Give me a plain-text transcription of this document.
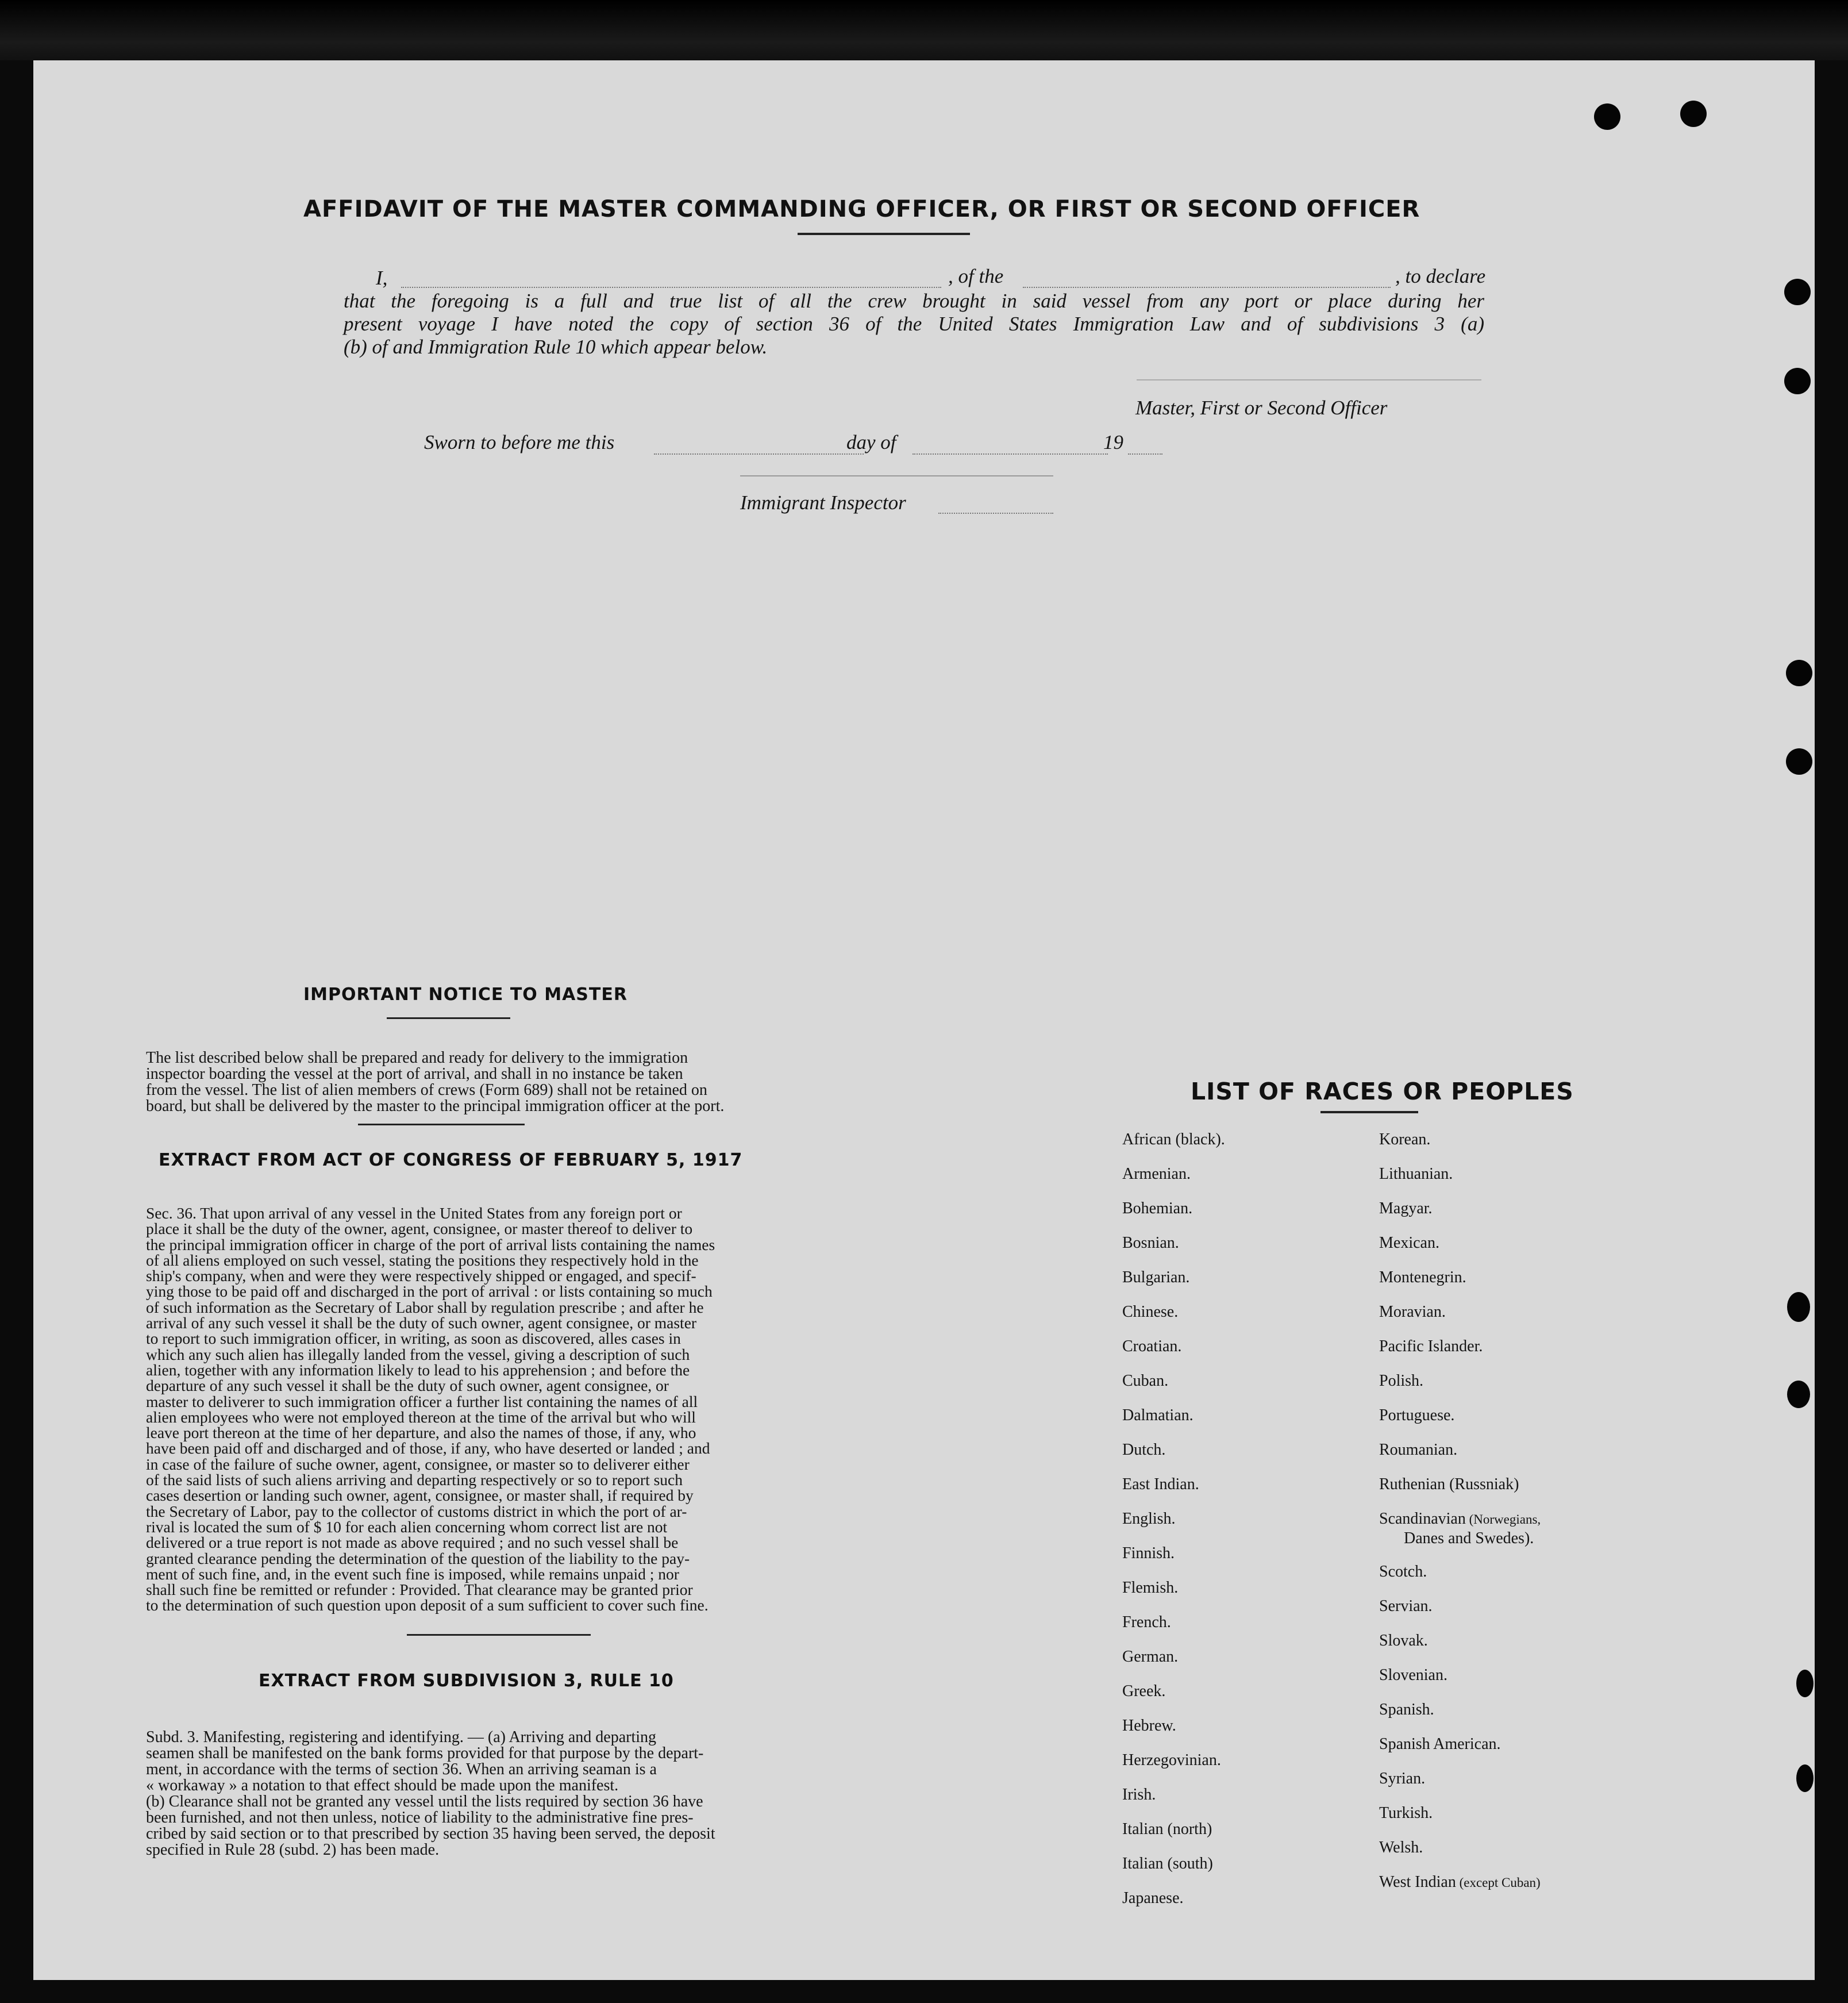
AFFIDAVIT OF THE MASTER COMMANDING OFFICER, OR FIRST OR SECOND OFFICER
I,	, of the	, to declare
that the foregoing is a full and true list of all the crew brought in said vessel from any port or place during her
present voyage I have noted the copy of section 36 of the United States Immigration Law and of subdivisions 3 (a)
(b) of and Immigration Rule 10 which appear below.
Master, First or Second Officer
Sworn to before me this	day of	19
Immigrant Inspector
IMPORTANT NOTICE TO MASTER

The list described below shall be prepared and ready for delivery to the immigration

inspector boarding the vessel at the port of arrival, and shall in no instance be taken

from the vessel. The list of alien members of crews (Form 689) shall not be retained on

board, but shall be delivered by the master to the principal immigration officer at the port.

EXTRACT FROM ACT OF CONGRESS OF FEBRUARY 5, 1917

Sec. 36. That upon arrival of any vessel in the United States from any foreign port or

place it shall be the duty of the owner, agent, consignee, or master thereof to deliver to

the principal immigration officer in charge of the port of arrival lists containing the names

of all aliens employed on such vessel, stating the positions they respectively hold in the

ship's company, when and were they were respectively shipped or engaged, and specif-

ying those to be paid off and discharged in the port of arrival : or lists containing so much

of such information as the Secretary of Labor shall by regulation prescribe ; and after he

arrival of any such vessel it shall be the duty of such owner, agent consignee, or master

to report to such immigration officer, in writing, as soon as discovered, alles cases in

which any such alien has illegally landed from the vessel, giving a description of such

alien, together with any information likely to lead to his apprehension ; and before the

departure of any such vessel it shall be the duty of such owner, agent consignee, or

master to deliverer to such immigration officer a further list containing the names of all

alien employees who were not employed thereon at the time of the arrival but who will

leave port thereon at the time of her departure, and also the names of those, if any, who

have been paid off and discharged and of those, if any, who have deserted or landed ; and

in case of the failure of suche owner, agent, consignee, or master so to deliverer either

of the said lists of such aliens arriving and departing respectively or so to report such

cases desertion or landing such owner, agent, consignee, or master shall, if required by

the Secretary of Labor, pay to the collector of customs district in which the port of ar-

rival is located the sum of $ 10 for each alien concerning whom correct list are not

delivered or a true report is not made as above required ; and no such vessel shall be

granted clearance pending the determination of the question of the liability to the pay-

ment of such fine, and, in the event such fine is imposed, while remains unpaid ; nor

shall such fine be remitted or refunder : Provided. That clearance may be granted prior

to the determination of such question upon deposit of a sum sufficient to cover such fine.

EXTRACT FROM SUBDIVISION 3, RULE 10

Subd. 3. Manifesting, registering and identifying. — (a) Arriving and departing

seamen shall be manifested on the bank forms provided for that purpose by the depart-

ment, in accordance with the terms of section 36. When an arriving seaman is a

« workaway » a notation to that effect should be made upon the manifest.

(b) Clearance shall not be granted any vessel until the lists required by section 36 have

been furnished, and not then unless, notice of liability to the administrative fine pres-

cribed by said section or to that prescribed by section 35 having been served, the deposit

specified in Rule 28 (subd. 2) has been made.

LIST OF RACES OR PEOPLES
African (black).
Armenian.
Bohemian.
Bosnian.
Bulgarian.
Chinese.
Croatian.
Cuban.
Dalmatian.
Dutch.
East Indian.
English.
Finnish.
Flemish.
French.
German.
Greek.
Hebrew.
Herzegovinian.
Irish.
Italian (north)
Italian (south)
Japanese.
Korean.
Lithuanian.
Magyar.
Mexican.
Montenegrin.
Moravian.
Pacific Islander.
Polish.
Portuguese.
Roumanian.
Ruthenian (Russniak)
Scandinavian (Norwegians,
Danes and Swedes).
Scotch.
Servian.
Slovak.
Slovenian.
Spanish.
Spanish American.
Syrian.
Turkish.
Welsh.
West Indian (except Cuban)
